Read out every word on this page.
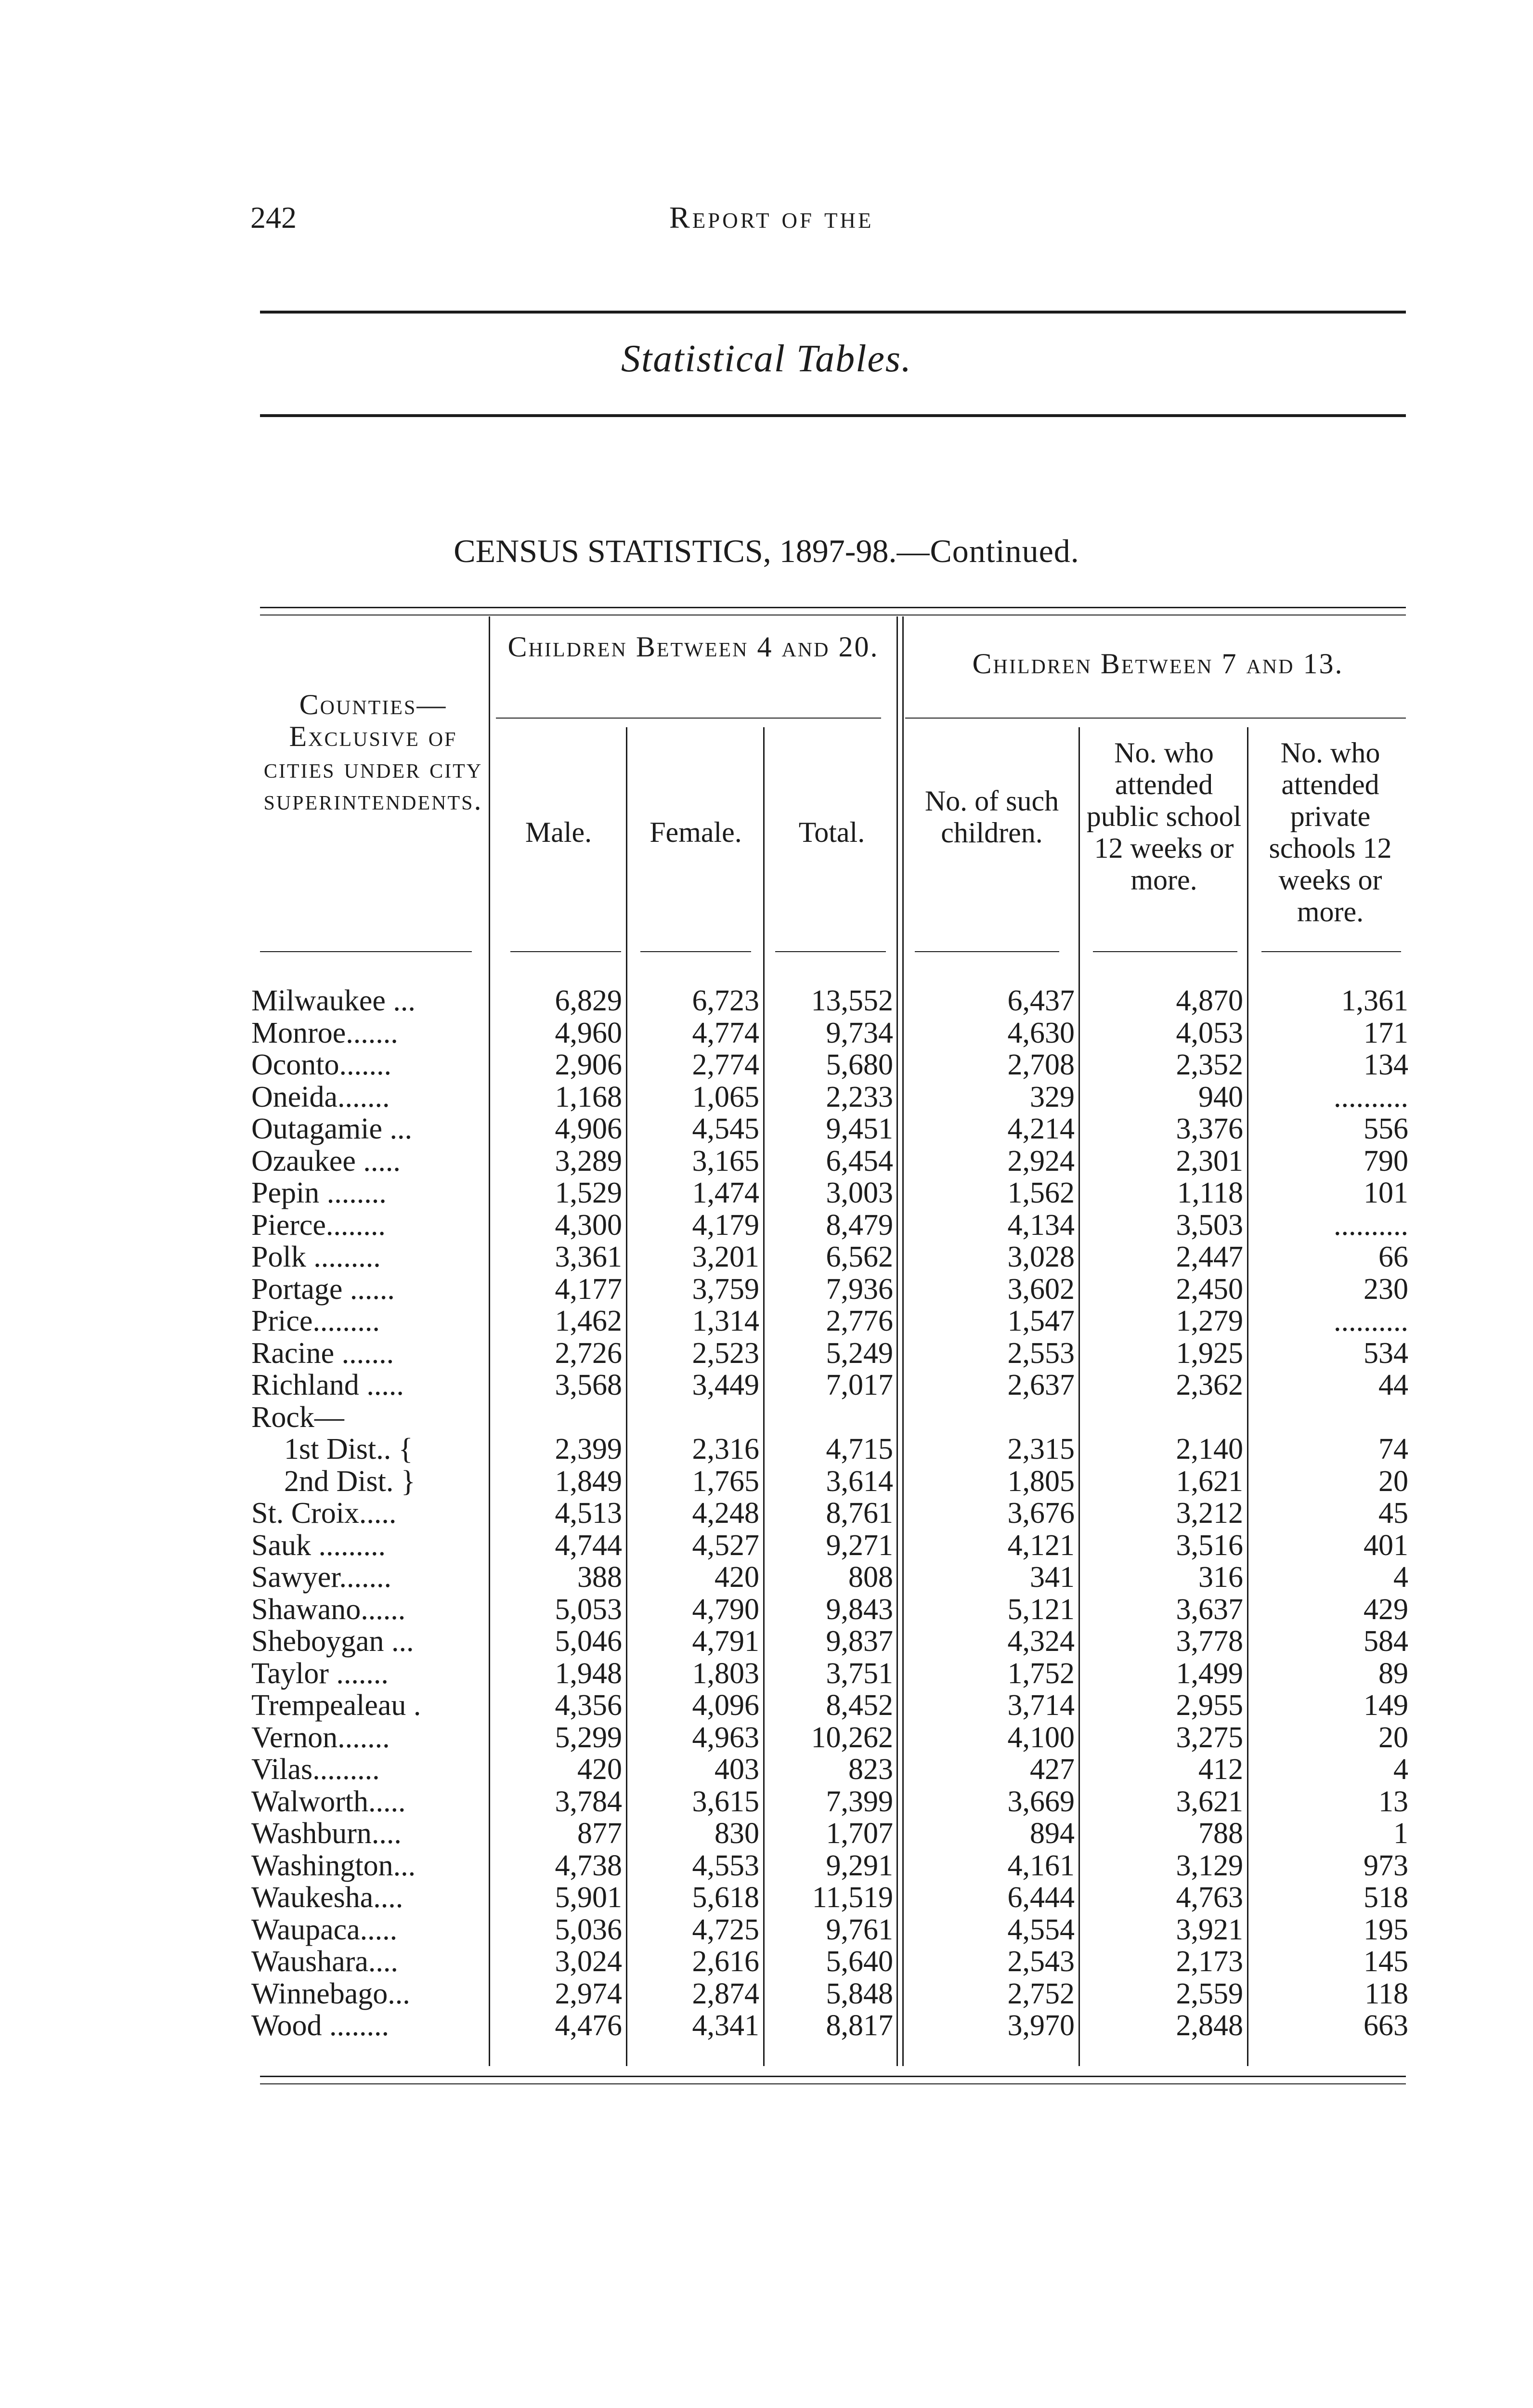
242	Report of the
Statistical Tables.
CENSUS STATISTICS, 1897-98.—Continued.
Counties—Exclusive of cities under city superintendents.
Children Between 4 and 20.
Children Between 7 and 13.
Male.	Female.	Total.
No. of such children.
No. who attended public school 12 weeks or more.
No. who attended private schools 12 weeks or more.
Milwaukee ...	6,829 6,723 13,552	6,437	4,870	1,361
Monroe.......	4,960 4,774 9,734	4,630	4,053	171
Oconto.......	2,906 2,774 5,680	2,708	2,352	134
Oneida.......	1,168 1,065 2,233	329	940	..........
Outagamie ...	4,906 4,545 9,451	4,214	3,376	556
Ozaukee .....	3,289 3,165 6,454	2,924	2,301	790
Pepin ........	1,529 1,474 3,003	1,562	1,118	101
Pierce........	4,300 4,179 8,479	4,134	3,503	..........
Polk .........	3,361 3,201 6,562	3,028	2,447	66
Portage ......	4,177 3,759 7,936	3,602	2,450	230
Price.........	1,462 1,314 2,776	1,547	1,279	..........
Racine .......	2,726 2,523 5,249	2,553	1,925	534
Richland .....	3,568 3,449 7,017	2,637	2,362	44
Rock—
1st Dist.. {	2,399 2,316 4,715	2,315	2,140	74
2nd Dist. }	1,849 1,765 3,614	1,805	1,621	20
St. Croix.....	4,513 4,248 8,761	3,676	3,212	45
Sauk .........	4,744 4,527 9,271	4,121	3,516	401
Sawyer.......	388	420	808	341	316	4
Shawano......	5,053 4,790 9,843	5,121	3,637	429
Sheboygan ...	5,046 4,791 9,837	4,324	3,778	584
Taylor .......	1,948 1,803 3,751	1,752	1,499	89
Trempealeau .	4,356 4,096 8,452	3,714	2,955	149
Vernon.......	5,299 4,963 10,262	4,100	3,275	20
Vilas.........	420	403	823	427	412	4
Walworth.....	3,784 3,615 7,399	3,669	3,621	13
Washburn....	877	830 1,707	894	788	1
Washington...	4,738 4,553 9,291	4,161	3,129	973
Waukesha....	5,901 5,618 11,519	6,444	4,763	518
Waupaca.....	5,036 4,725 9,761	4,554	3,921	195
Waushara....	3,024 2,616 5,640	2,543	2,173	145
Winnebago...	2,974 2,874 5,848	2,752	2,559	118
Wood ........	4,476 4,341 8,817	3,970	2,848	663
